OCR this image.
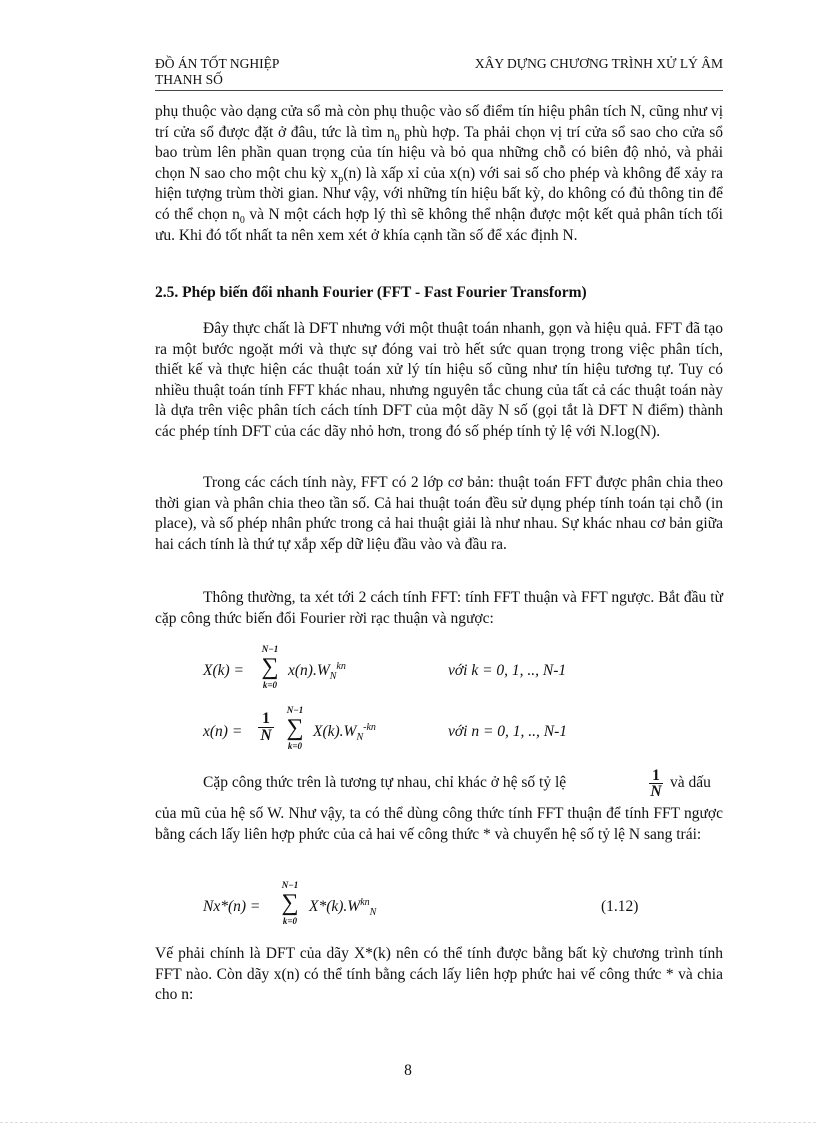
ĐỒ ÁN TỐT NGHIỆP
THANH SỐ
XÂY DỰNG CHƯƠNG TRÌNH XỬ LÝ ÂM

phụ thuộc vào dạng cửa sổ mà còn phụ thuộc vào số điểm tín hiệu phân tích N, cũng như vị trí cửa sổ được đặt ở đâu, tức là tìm $n_0$ phù hợp. Ta phải chọn vị trí cửa sổ sao cho cửa sổ bao trùm lên phần quan trọng của tín hiệu và bỏ qua những chỗ có biên độ nhỏ, và phải chọn N sao cho một chu kỳ $x_p(n)$ là xấp xỉ của x(n) với sai số cho phép và không để xảy ra hiện tượng trùm thời gian. Như vậy, với những tín hiệu bất kỳ, do không có đủ thông tin để có thể chọn $n_0$ và N một cách hợp lý thì sẽ không thể nhận được một kết quả phân tích tối ưu. Khi đó tốt nhất ta nên xem xét ở khía cạnh tần số để xác định N.

2.5. Phép biến đổi nhanh Fourier (FFT - Fast Fourier Transform)

Đây thực chất là DFT nhưng với một thuật toán nhanh, gọn và hiệu quả. FFT đã tạo ra một bước ngoặt mới và thực sự đóng vai trò hết sức quan trọng trong việc phân tích, thiết kế và thực hiện các thuật toán xử lý tín hiệu số cũng như tín hiệu tương tự. Tuy có nhiều thuật toán tính FFT khác nhau, nhưng nguyên tắc chung của tất cả các thuật toán này là dựa trên việc phân tích cách tính DFT của một dãy N số (gọi tắt là DFT N điểm) thành các phép tính DFT của các dãy nhỏ hơn, trong đó số phép tính tỷ lệ với N.log(N).

Trong các cách tính này, FFT có 2 lớp cơ bản: thuật toán FFT được phân chia theo thời gian và phân chia theo tần số. Cả hai thuật toán đều sử dụng phép tính toán tại chỗ (in place), và số phép nhân phức trong cả hai thuật giải là như nhau. Sự khác nhau cơ bản giữa hai cách tính là thứ tự xắp xếp dữ liệu đầu vào và đầu ra.

Thông thường, ta xét tới 2 cách tính FFT: tính FFT thuận và FFT ngược. Bắt đầu từ cặp công thức biến đổi Fourier rời rạc thuận và ngược:

X(k) =
N−1
∑
k=0
$x(n).W_N^{kn}$	với k = 0, 1, .., N-1
$x(n) = \frac{1}{N}$
N−1
∑
k=0
$X(k).W_N^{-kn}$	với n = 0, 1, .., N-1

Cặp công thức trên là tương tự nhau, chỉ khác ở hệ số tỷ lệ	$\frac{1}{N}$ và dấu

của mũ của hệ số W. Như vậy, ta có thể dùng công thức tính FFT thuận để tính FFT ngược bằng cách lấy liên hợp phức của cả hai vế công thức * và chuyển hệ số tỷ lệ N sang trái:

Nx*(n) =
N−1
∑
k=0
$X*(k).W^{kn}_N$	(1.12)

Vế phải chính là DFT của dãy X*(k) nên có thể tính được bằng bất kỳ chương trình tính FFT nào. Còn dãy x(n) có thể tính bằng cách lấy liên hợp phức hai vế công thức * và chia cho n:

8
